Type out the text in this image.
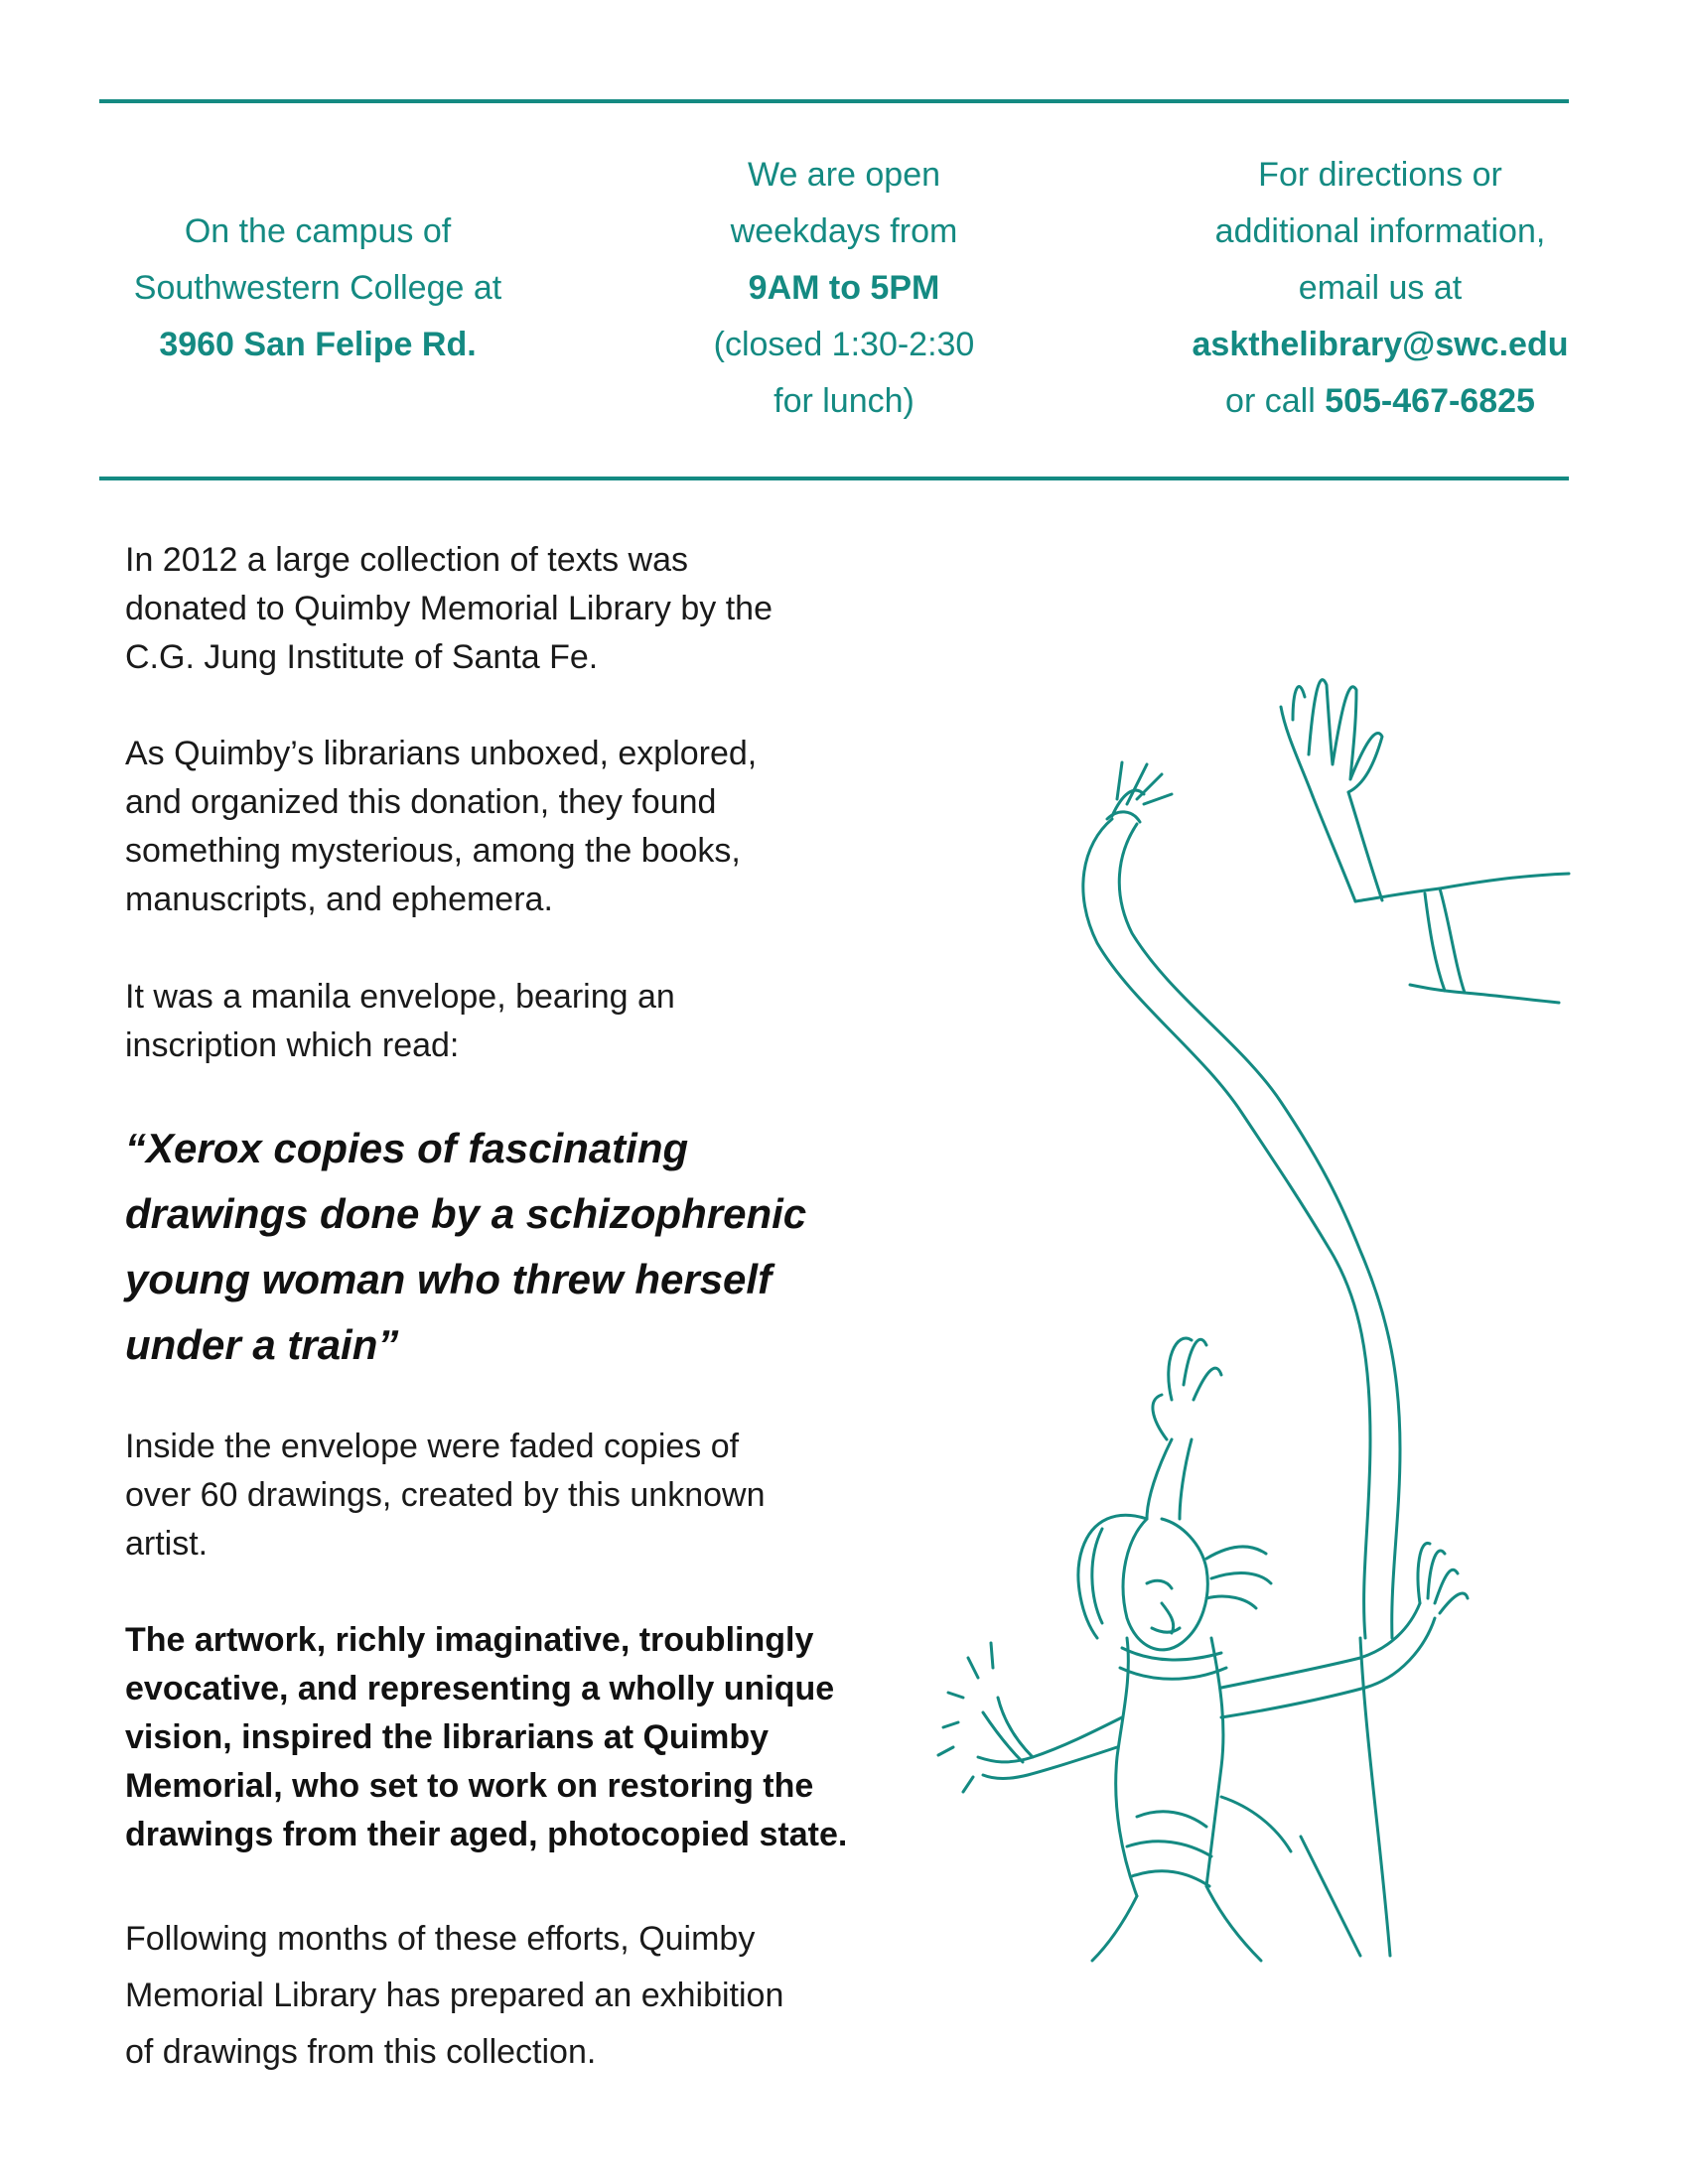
On the campus of
Southwestern College at
3960 San Felipe Rd.
We are open
weekdays from
9AM to 5PM
(closed 1:30-2:30
for lunch)
For directions or
additional information,
email us at
askthelibrary@swc.edu
or call 505-467-6825
In 2012 a large collection of texts was
donated to Quimby Memorial Library by the
C.G. Jung Institute of Santa Fe.
As Quimby’s librarians unboxed, explored,
and organized this donation, they found
something mysterious, among the books,
manuscripts, and ephemera.
It was a manila envelope, bearing an
inscription which read:
“Xerox copies of fascinating
drawings done by a schizophrenic
young woman who threw herself
under a train”
Inside the envelope were faded copies of
over 60 drawings, created by this unknown
artist.
The artwork, richly imaginative, troublingly
evocative, and representing a wholly unique
vision, inspired the librarians at Quimby
Memorial, who set to work on restoring the
drawings from their aged, photocopied state.
Following months of these efforts, Quimby
Memorial Library has prepared an exhibition
of drawings from this collection.
